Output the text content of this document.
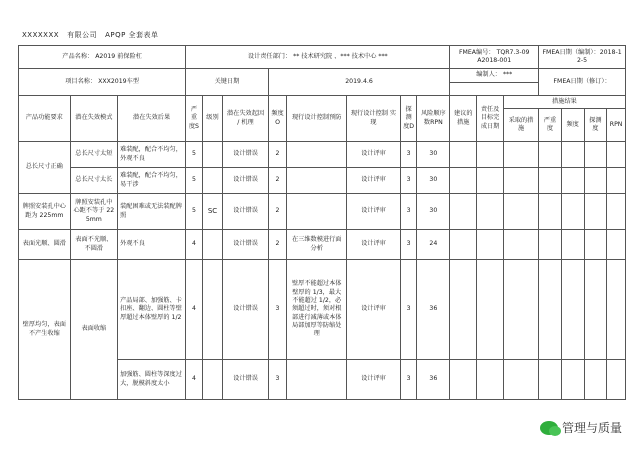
XXXXXXX 有限公司 APQP 全套表单
产品名称： A2019 前保险杠			设计责任部门： ** 技术研究院 、*** 技术中心 ***								FMEA编号： TQR7.3-09
A2018-001			FMEA日期（编制）：2018-12-5			
项目名称： XXX2019车型			关键日期			2019.4.6					编制人： ***			FMEA日期（修订）：			

产品功能要求	潜在失效模式	潜在失效后果	严重度S	级别	潜在失效起因 / 机理	频度O	现行设计控制预防	现行设计控制 实现	探测度D	风险顺序数RPN	建议的措施	责任及目标完成日期	措施结果				
													采取的措施	严重度	频度	探测度	RPN
总长尺寸正确	总长尺寸太短	难装配，配合不均匀，外观不良	5		设计错误	2		设计评审	3	30							
	总长尺寸太长	难装配，配合不均匀，易干涉	5		设计错误	2		设计评审	3	30							
牌照安装孔中心距为 225mm	牌照安装孔中心距不等于 225mm	装配困难或无法装配牌照	5	SC	设计错误	2		设计评审	3	30							
表面光顺、圆滑	表面不光顺、不圆滑	外观不良	4		设计错误	2	在三维数模进行面分析	设计评审	3	24							
壁厚均匀，表面不产生收缩	表面收缩	产品局部、加强筋、卡扣座、翻边、圆柱等壁厚超过本体壁厚的 1/2	4		设计错误	3	壁厚不能超过本体壁厚的 1/3，最大不能超过 1/2，必须超过时，须对根部进行减薄或本体局部加厚等防缩处理	设计评审	3	36							
		加强筋、圆柱等深度过大，脱模斜度太小	4		设计错误	3		设计评审	3	36							
管理与质量
